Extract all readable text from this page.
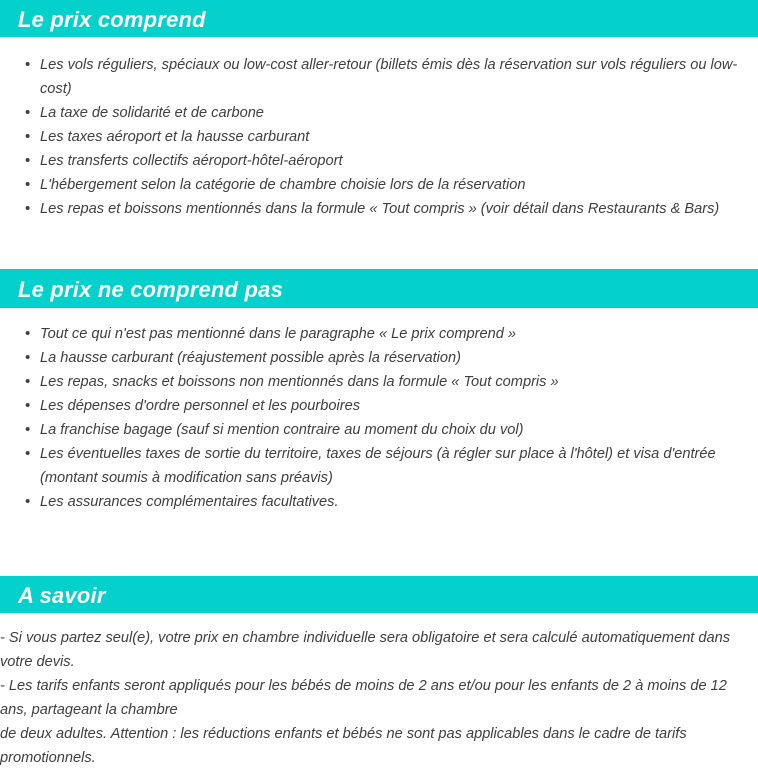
Le prix comprend
• Les vols réguliers, spéciaux ou low-cost aller-retour (billets émis dès la réservation sur vols réguliers ou low-cost)
• La taxe de solidarité et de carbone
• Les taxes aéroport et la hausse carburant
• Les transferts collectifs aéroport-hôtel-aéroport
• L'hébergement selon la catégorie de chambre choisie lors de la réservation
• Les repas et boissons mentionnés dans la formule « Tout compris » (voir détail dans Restaurants & Bars)
Le prix ne comprend pas
• Tout ce qui n'est pas mentionné dans le paragraphe « Le prix comprend »
• La hausse carburant (réajustement possible après la réservation)
• Les repas, snacks et boissons non mentionnés dans la formule « Tout compris »
• Les dépenses d'ordre personnel et les pourboires
• La franchise bagage (sauf si mention contraire au moment du choix du vol)
• Les éventuelles taxes de sortie du territoire, taxes de séjours (à régler sur place à l'hôtel) et visa d'entrée (montant soumis à modification sans préavis)
• Les assurances complémentaires facultatives.
A savoir

- Si vous partez seul(e), votre prix en chambre individuelle sera obligatoire et sera calculé automatiquement dans votre devis.

- Les tarifs enfants seront appliqués pour les bébés de moins de 2 ans et/ou pour les enfants de 2 à moins de 12 ans, partageant la chambre

de deux adultes. Attention : les réductions enfants et bébés ne sont pas applicables dans le cadre de tarifs promotionnels.
